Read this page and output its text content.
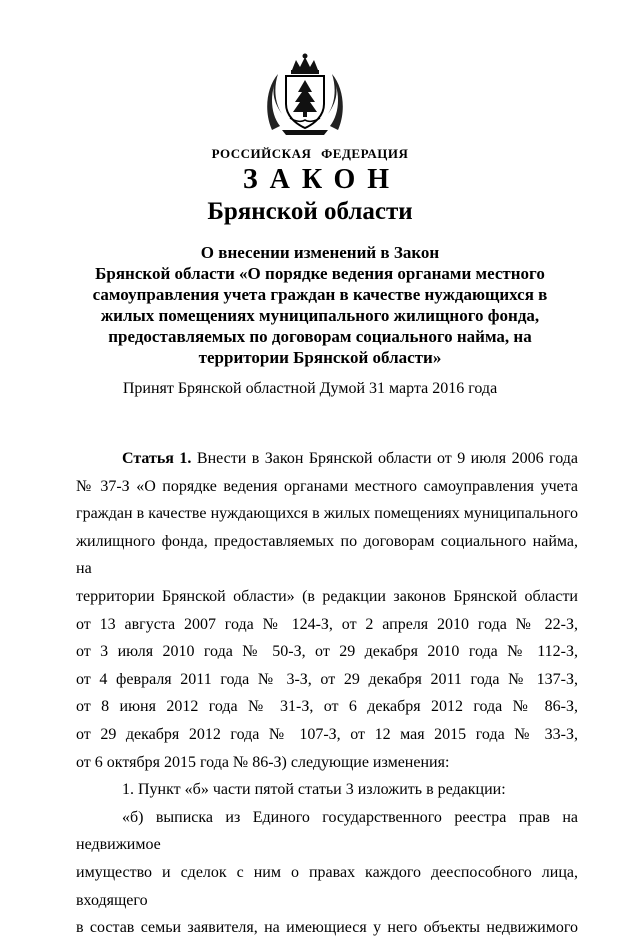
РОССИЙСКАЯ ФЕДЕРАЦИЯ

ЗАКОН

Брянской области

О внесении изменений в Закон
Брянской области «О порядке ведения органами местного
самоуправления учета граждан в качестве нуждающихся в
жилых помещениях муниципального жилищного фонда,
предоставляемых по договорам социального найма, на
территории Брянской области»

Принят Брянской областной Думой 31 марта 2016 года

Статья 1. Внести в Закон Брянской области от 9 июля 2006 года

№ 37-З «О порядке ведения органами местного самоуправления учета

граждан в качестве нуждающихся в жилых помещениях муниципального

жилищного фонда, предоставляемых по договорам социального найма, на

территории Брянской области» (в редакции законов Брянской области

от 13 августа 2007 года № 124-З, от 2 апреля 2010 года № 22-З,

от 3 июля 2010 года № 50-З, от 29 декабря 2010 года № 112-З,

от 4 февраля 2011 года № 3-З, от 29 декабря 2011 года № 137-З,

от 8 июня 2012 года № 31-З, от 6 декабря 2012 года № 86-З,

от 29 декабря 2012 года № 107-З, от 12 мая 2015 года № 33-З,

от 6 октября 2015 года № 86-З) следующие изменения:

1. Пункт «б» части пятой статьи 3 изложить в редакции:

«б) выписка из Единого государственного реестра прав на недвижимое

имущество и сделок с ним о правах каждого дееспособного лица, входящего

в состав семьи заявителя, на имеющиеся у него объекты недвижимого
